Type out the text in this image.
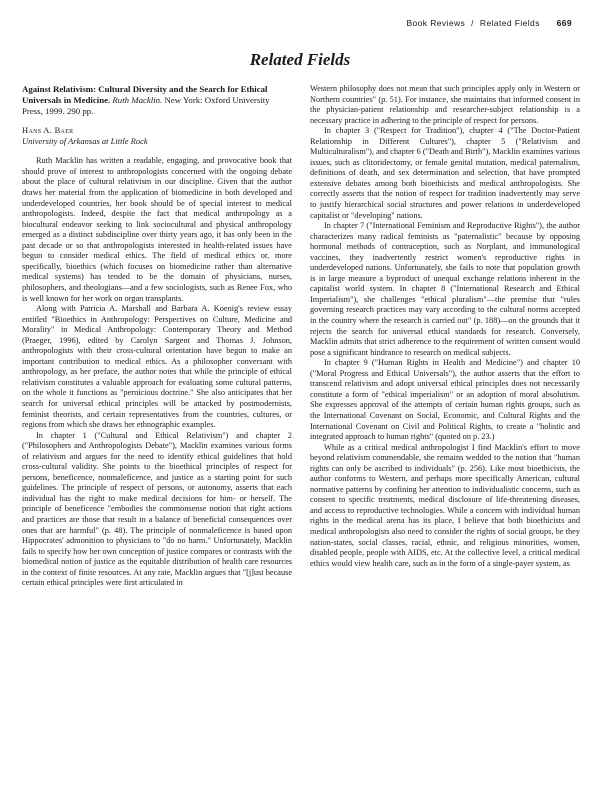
Book Reviews / Related Fields 669
Related Fields
Against Relativism: Cultural Diversity and the Search for Ethical Universals in Medicine. Ruth Macklin. New York: Oxford University Press, 1999. 290 pp.
Hans A. Baer
University of Arkansas at Little Rock

Ruth Macklin has written a readable, engaging, and provocative book that should prove of interest to anthropologists concerned with the ongoing debate about the place of cultural relativism in our discipline. Given that the author draws her material from the application of biomedicine in both developed and underdeveloped countries, her book should be of special interest to medical anthropologists. Indeed, despite the fact that medical anthropology as a biocultural endeavor seeking to link sociocultural and physical anthropology emerged as a distinct subdiscipline over thirty years ago, it has only been in the past decade or so that anthropologists interested in health-related issues have begun to consider medical ethics. The field of medical ethics or, more specifically, bioethics (which focuses on biomedicine rather than alternative medical systems) has tended to be the domain of physicians, nurses, philosophers, and theologians—and a few sociologists, such as Renee Fox, who is well known for her work on organ transplants.

Along with Patricia A. Marshall and Barbara A. Koenig's review essay entitled "Bioethics in Anthropology: Perspectives on Culture, Medicine and Morality" in Medical Anthropology: Contemporary Theory and Method (Praeger, 1996), edited by Carolyn Sargent and Thomas J. Johnson, anthropologists with their cross-cultural orientation have begun to make an important contribution to medical ethics. As a philosopher conversant with anthropology, as her preface, the author notes that while the principle of ethical relativism constitutes a valuable approach for evaluating some cultural patterns, on the whole it functions as "pernicious doctrine." She also anticipates that her search for universal ethical principles will be attacked by postmodernists, feminist theorists, and certain representatives from the countries, cultures, or regions from which she draws her ethnographic examples.

In chapter 1 ("Cultural and Ethical Relativism") and chapter 2 ("Philosophers and Anthropologists Debate"), Macklin examines various forms of relativism and argues for the need to identify ethical guidelines that hold cross-cultural validity. She points to the bioethical principles of respect for persons, beneficence, nonmaleficence, and justice as a starting point for such guidelines. The principle of respect of persons, or autonomy, asserts that each individual has the right to make medical decisions for him- or herself. The principle of beneficence "embodies the commonsense notion that right actions and practices are those that result in a balance of beneficial consequences over ones that are harmful" (p. 48). The principle of nonmaleficence is based upon Hippocrates' admonition to physicians to "do no harm." Unfortunately, Macklin fails to specify how her own conception of justice compares or contrasts with the biomedical notion of justice as the equitable distribution of health care resources in the context of finite resources. At any rate, Macklin argues that "[j]ust because certain ethical principles were first articulated in

Western philosophy does not mean that such principles apply only in Western or Northern countries" (p. 51). For instance, she maintains that informed consent in the physician-patient relationship and researcher-subject relationship is a necessary practice in adhering to the principle of respect for persons.

In chapter 3 ("Respect for Tradition"), chapter 4 ("The Doctor-Patient Relationship in Different Cultures"), chapter 5 ("Relativism and Multiculturalism"), and chapter 6 ("Death and Birth"), Macklin examines various issues, such as clitoridectomy, or female genital mutation, medical paternalism, definitions of death, and sex determination and selection, that have prompted extensive debates among both bioethicists and medical anthropologists. She correctly asserts that the notion of respect for tradition inadvertently may serve to justify hierarchical social structures and power relations in underdeveloped capitalist or "developing" nations.

In chapter 7 ("International Feminism and Reproductive Rights"), the author characterizes many radical feminists as "paternalistic" because by opposing hormonal methods of contraception, such as Norplant, and immunological vaccines, they inadvertently restrict women's reproductive rights in underdeveloped nations. Unfortunately, she fails to note that population growth is in large measure a byproduct of unequal exchange relations inherent in the capitalist world system. In chapter 8 ("International Research and Ethical Imperialism"), she challenges "ethical pluralism"—the premise that "rules governing research practices may vary according to the cultural norms accepted in the country where the research is carried out" (p. 188)—on the grounds that it rejects the search for universal ethical standards for research. Conversely, Macklin admits that strict adherence to the requirement of written consent would pose a significant hindrance to research on medical subjects.

In chapter 9 ("Human Rights in Health and Medicine") and chapter 10 ("Moral Progress and Ethical Universals"), the author asserts that the effort to transcend relativism and adopt universal ethical principles does not necessarily constitute a form of "ethical imperialism" or an adoption of moral absolutism. She expresses approval of the attempts of certain human rights groups, such as the International Covenant on Social, Economic, and Cultural Rights and the International Covenant on Civil and Political Rights, to create a "holistic and integrated approach to human rights" (quoted on p. 23.)

While as a critical medical anthropologist I find Macklin's effort to move beyond relativism commendable, she remains wedded to the notion that "human rights can only be ascribed to individuals" (p. 256). Like most bioethicists, the author conforms to Western, and perhaps more specifically American, cultural normative patterns by confining her attention to individualistic concerns, such as consent to specific treatments, medical disclosure of life-threatening diseases, and access to reproductive technologies. While a concern with individual human rights in the medical arena has its place, I believe that both bioethicists and medical anthropologists also need to consider the rights of social groups, be they nation-states, social classes, racial, ethnic, and religious minorities, women, disabled people, people with AIDS, etc. At the collective level, a critical medical ethics would view health care, such as in the form of a single-payer system, as
